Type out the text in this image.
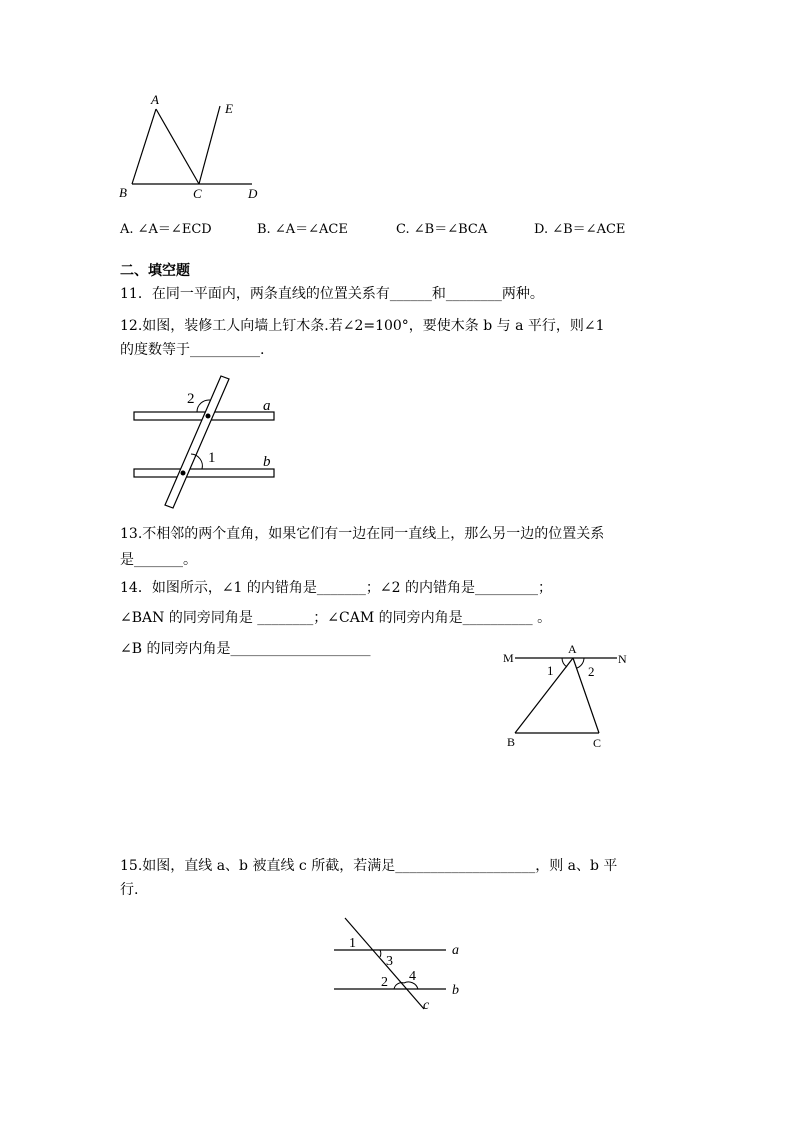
A
E
B	C	D
A. ∠A＝∠ECD	B. ∠A＝∠ACE	C. ∠B＝∠BCA	D. ∠B＝∠ACE
二、填空题
11．在同一平面内，两条直线的位置关系有______和________两种。
12.如图，装修工人向墙上钉木条.若∠2=100°，要使木条 b 与 a 平行，则∠1
的度数等于__________.
2
1
a
b
13.不相邻的两个直角，如果它们有一边在同一直线上，那么另一边的位置关系
是_______。
14．如图所示，∠1 的内错角是_______；∠2 的内错角是_________；
∠BAN 的同旁同角是 ________；∠CAM 的同旁内角是__________ 。
∠B 的同旁内角是____________________
M
A
N
1	2
B	C
15.如图，直线 a、b 被直线 c 所截，若满足____________________，则 a、b 平
行.
1
3
2 4
a
b
c
